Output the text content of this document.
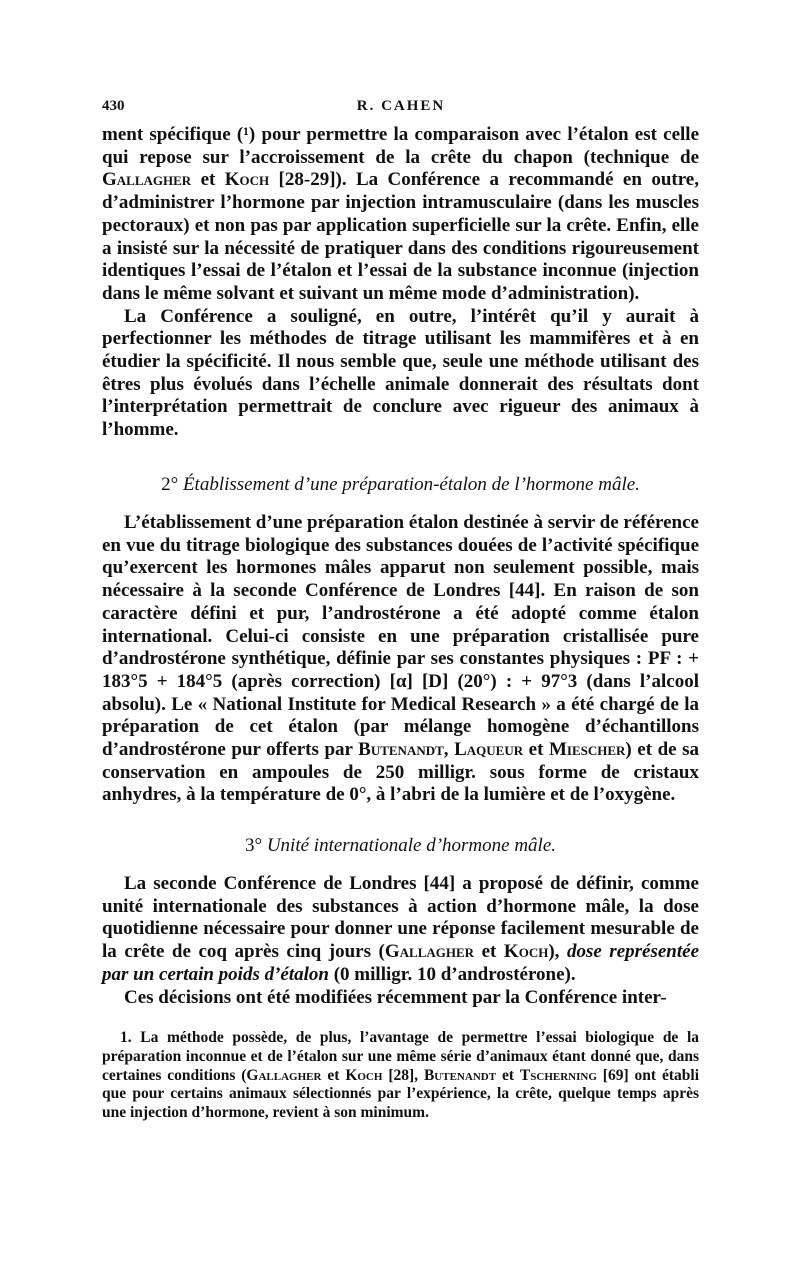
430	R. CAHEN

ment spécifique (¹) pour permettre la comparaison avec l’étalon est celle qui repose sur l’accroissement de la crête du chapon (technique de Gallagher et Koch [28-29]). La Conférence a recommandé en outre, d’administrer l’hormone par injection intramusculaire (dans les muscles pectoraux) et non pas par application superficielle sur la crête. Enfin, elle a insisté sur la nécessité de pratiquer dans des conditions rigoureusement identiques l’essai de l’étalon et l’essai de la substance inconnue (injection dans le même solvant et suivant un même mode d’administration).

La Conférence a souligné, en outre, l’intérêt qu’il y aurait à perfectionner les méthodes de titrage utilisant les mammifères et à en étudier la spécificité. Il nous semble que, seule une méthode utilisant des êtres plus évolués dans l’échelle animale donnerait des résultats dont l’interprétation permettrait de conclure avec rigueur des animaux à l’homme.

2° Établissement d’une préparation-étalon de l’hormone mâle.

L’établissement d’une préparation étalon destinée à servir de référence en vue du titrage biologique des substances douées de l’activité spécifique qu’exercent les hormones mâles apparut non seulement possible, mais nécessaire à la seconde Conférence de Londres [44]. En raison de son caractère défini et pur, l’androstérone a été adopté comme étalon international. Celui-ci consiste en une préparation cristallisée pure d’androstérone synthétique, définie par ses constantes physiques : PF : + 183°5 + 184°5 (après correction) [α] [D] (20°) : + 97°3 (dans l’alcool absolu). Le « National Institute for Medical Research » a été chargé de la préparation de cet étalon (par mélange homogène d’échantillons d’androstérone pur offerts par Butenandt, Laqueur et Miescher) et de sa conservation en ampoules de 250 milligr. sous forme de cristaux anhydres, à la température de 0°, à l’abri de la lumière et de l’oxygène.

3° Unité internationale d’hormone mâle.

La seconde Conférence de Londres [44] a proposé de définir, comme unité internationale des substances à action d’hormone mâle, la dose quotidienne nécessaire pour donner une réponse facilement mesurable de la crête de coq après cinq jours (Gallagher et Koch), dose représentée par un certain poids d’étalon (0 milligr. 10 d’androstérone).

Ces décisions ont été modifiées récemment par la Conférence inter-

1. La méthode possède, de plus, l’avantage de permettre l’essai biologique de la préparation inconnue et de l’étalon sur une même série d’animaux étant donné que, dans certaines conditions (Gallagher et Koch [28], Butenandt et Tscherning [69] ont établi que pour certains animaux sélectionnés par l’expérience, la crête, quelque temps après une injection d’hormone, revient à son minimum.
